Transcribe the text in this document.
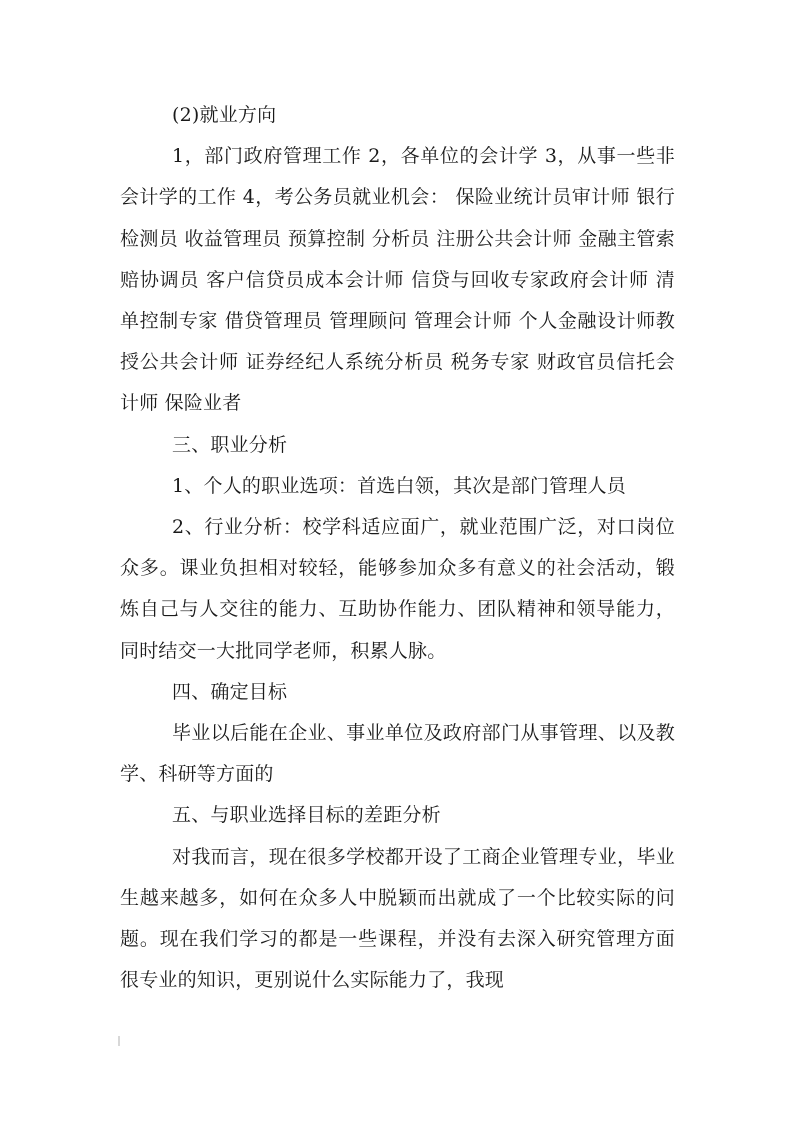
(2)就业方向

1，部门政府管理工作 2，各单位的会计学 3，从事一些非会计学的工作 4，考公务员就业机会： 保险业统计员审计师 银行检测员 收益管理员 预算控制 分析员 注册公共会计师 金融主管索赔协调员 客户信贷员成本会计师 信贷与回收专家政府会计师 清单控制专家 借贷管理员 管理顾问 管理会计师 个人金融设计师教授公共会计师 证券经纪人系统分析员 税务专家 财政官员信托会计师 保险业者

三、职业分析

1、个人的职业选项：首选白领，其次是部门管理人员

2、行业分析：校学科适应面广，就业范围广泛，对口岗位众多。课业负担相对较轻，能够参加众多有意义的社会活动，锻炼自己与人交往的能力、互助协作能力、团队精神和领导能力，同时结交一大批同学老师，积累人脉。

四、确定目标

毕业以后能在企业、事业单位及政府部门从事管理、以及教学、科研等方面的

五、与职业选择目标的差距分析

对我而言，现在很多学校都开设了工商企业管理专业，毕业生越来越多，如何在众多人中脱颖而出就成了一个比较实际的问题。现在我们学习的都是一些课程，并没有去深入研究管理方面很专业的知识，更别说什么实际能力了，我现
